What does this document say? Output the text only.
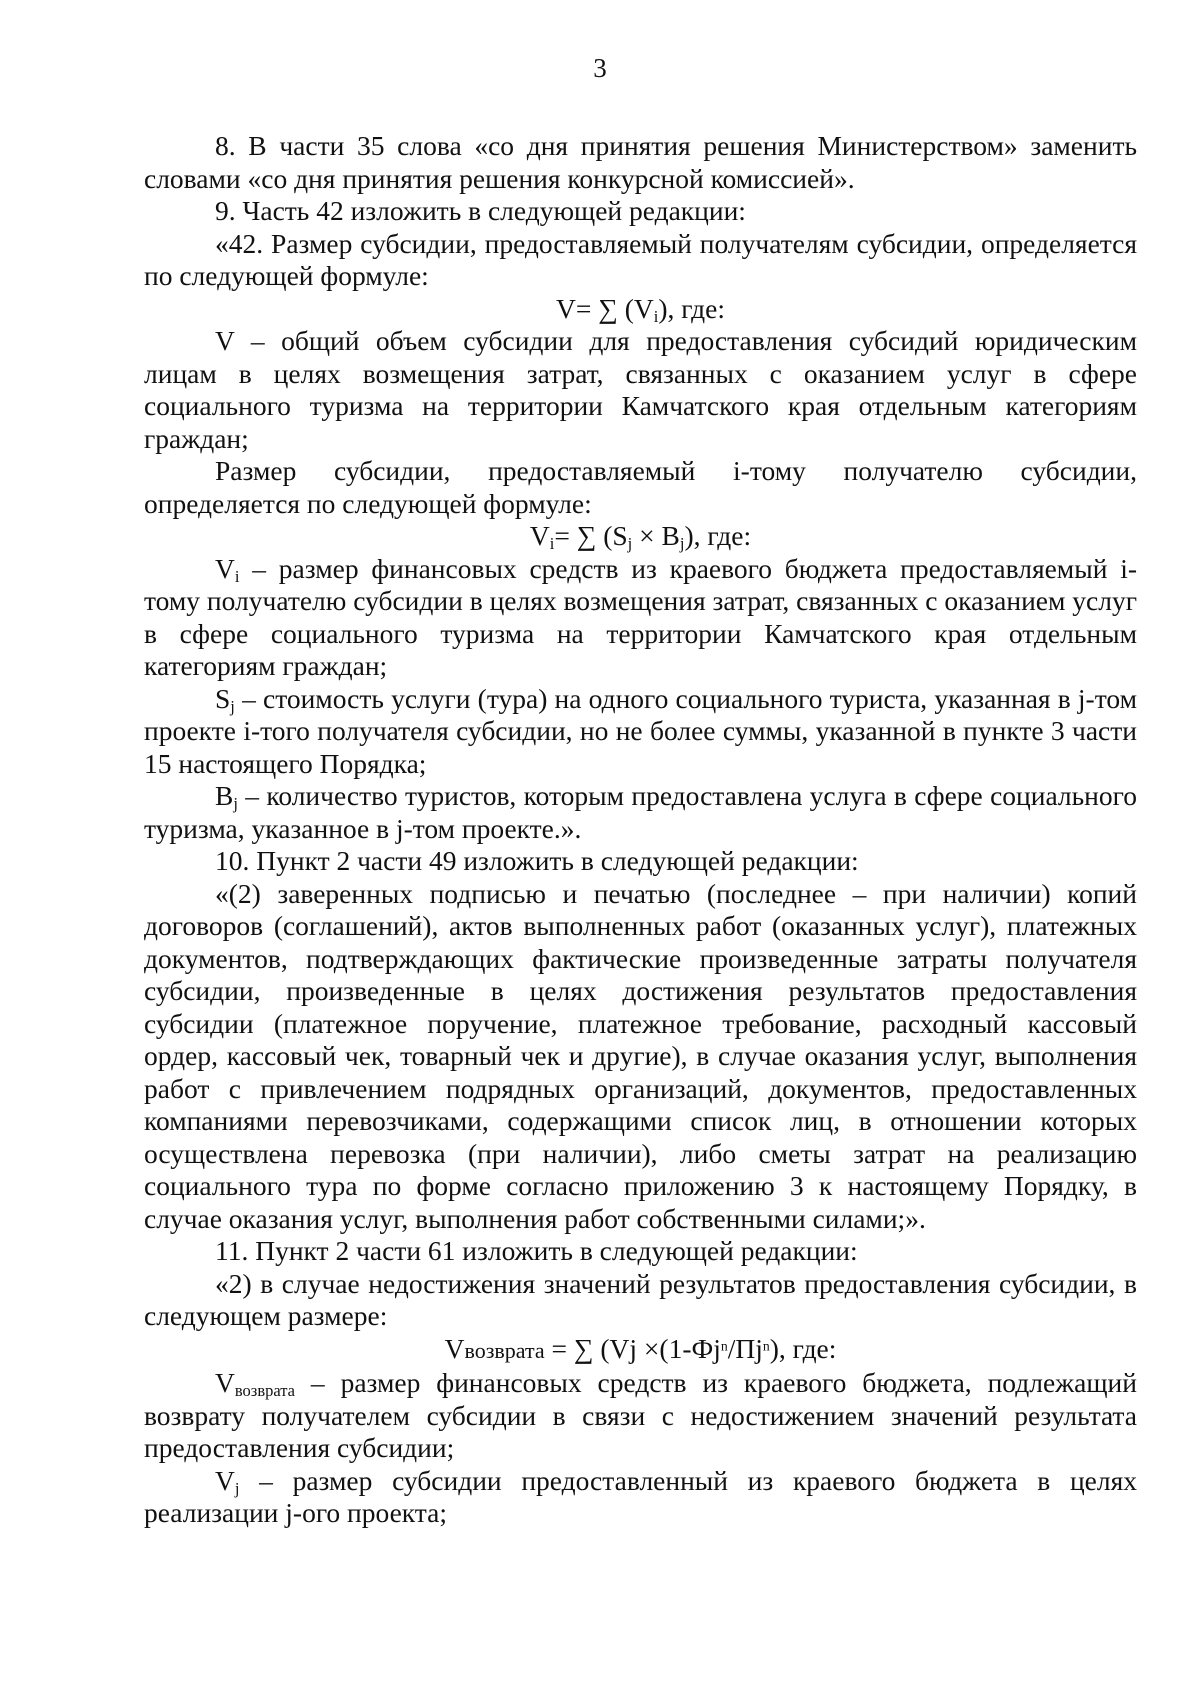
3

8. В части 35 слова «со дня принятия решения Министерством» заменить словами «со дня принятия решения конкурсной комиссией».

9. Часть 42 изложить в следующей редакции:

«42. Размер субсидии, предоставляемый получателям субсидии, определяется по следующей формуле:

V= ∑ $(V_i)$, где:

V – общий объем субсидии для предоставления субсидий юридическим лицам в целях возмещения затрат, связанных с оказанием услуг в сфере социального туризма на территории Камчатского края отдельным категориям граждан;

Размер субсидии, предоставляемый i-тому получателю субсидии, определяется по следующей формуле:

$V_i=$ ∑ $(S_j \times B_j)$, где:

$V_i$ – размер финансовых средств из краевого бюджета предоставляемый i-тому получателю субсидии в целях возмещения затрат, связанных с оказанием услуг в сфере социального туризма на территории Камчатского края отдельным категориям граждан;

$S_j$ – стоимость услуги (тура) на одного социального туриста, указанная в j-том проекте i-того получателя субсидии, но не более суммы, указанной в пункте 3 части 15 настоящего Порядка;

$B_j$ – количество туристов, которым предоставлена услуга в сфере социального туризма, указанное в j-том проекте.».

10. Пункт 2 части 49 изложить в следующей редакции:

«(2) заверенных подписью и печатью (последнее – при наличии) копий договоров (соглашений), актов выполненных работ (оказанных услуг), платежных документов, подтверждающих фактические произведенные затраты получателя субсидии, произведенные в целях достижения результатов предоставления субсидии (платежное поручение, платежное требование, расходный кассовый ордер, кассовый чек, товарный чек и другие), в случае оказания услуг, выполнения работ с привлечением подрядных организаций, документов, предоставленных компаниями перевозчиками, содержащими список лиц, в отношении которых осуществлена перевозка (при наличии), либо сметы затрат на реализацию социального тура по форме согласно приложению 3 к настоящему Порядку, в случае оказания услуг, выполнения работ собственными силами;».

11. Пункт 2 части 61 изложить в следующей редакции:

«2) в случае недостижения значений результатов предоставления субсидии, в следующем размере:

Vвозврата = ∑ ($Vj \times(1-Фj^n/Пj^n)$, где:

$V_{возврата}$ – размер финансовых средств из краевого бюджета, подлежащий возврату получателем субсидии в связи с недостижением значений результата предоставления субсидии;

$V_j$ – размер субсидии предоставленный из краевого бюджета в целях реализации j-ого проекта;
